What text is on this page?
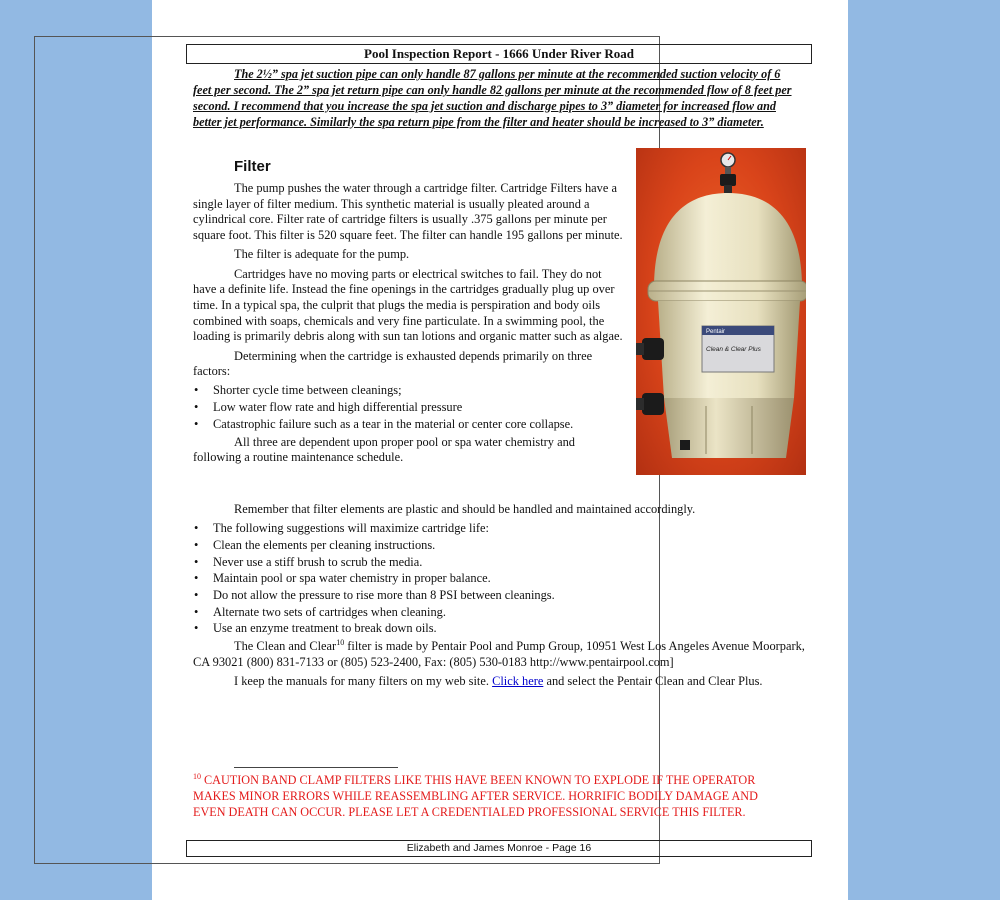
Pool Inspection Report - 1666 Under River Road
The 2½” spa jet suction pipe can only handle 87 gallons per minute at the recommended suction velocity of 6 feet per second. The 2” spa jet return pipe can only handle 82 gallons per minute at the recommended flow of 8 feet per second. I recommend that you increase the spa jet suction and discharge pipes to 3” diameter for increased flow and better jet performance. Similarly the spa return pipe from the filter and heater should be increased to 3” diameter.
Pentair
Clean & Clear Plus
Filter

The pump pushes the water through a cartridge filter. Cartridge Filters have a single layer of filter medium. This synthetic material is usually pleated around a cylindrical core. Filter rate of cartridge filters is usually .375 gallons per minute per square foot. This filter is 520 square feet. The filter can handle 195 gallons per minute.

The filter is adequate for the pump.

Cartridges have no moving parts or electrical switches to fail. They do not have a definite life. Instead the fine openings in the cartridges gradually plug up over time. In a typical spa, the culprit that plugs the media is perspiration and body oils combined with soaps, chemicals and very fine particulate. In a swimming pool, the loading is primarily debris along with sun tan lotions and organic matter such as algae.

Determining when the cartridge is exhausted depends primarily on three factors:

• Shorter cycle time between cleanings;
• Low water flow rate and high differential pressure
• Catastrophic failure such as a tear in the material or center core collapse.

All three are dependent upon proper pool or spa water chemistry and following a routine maintenance schedule.

Remember that filter elements are plastic and should be handled and maintained accordingly.

• The following suggestions will maximize cartridge life:
• Clean the elements per cleaning instructions.
• Never use a stiff brush to scrub the media.
• Maintain pool or spa water chemistry in proper balance.
• Do not allow the pressure to rise more than 8 PSI between cleanings.
• Alternate two sets of cartridges when cleaning.
• Use an enzyme treatment to break down oils.

The Clean and Clear$^{10}$ filter is made by Pentair Pool and Pump Group, 10951 West Los Angeles Avenue Moorpark, CA 93021 (800) 831-7133 or (805) 523-2400, Fax: (805) 530-0183 http://www.pentairpool.com]

I keep the manuals for many filters on my web site. Click here and select the Pentair Clean and Clear Plus.

$^{10}$ CAUTION BAND CLAMP FILTERS LIKE THIS HAVE BEEN KNOWN TO EXPLODE IF THE OPERATOR MAKES MINOR ERRORS WHILE REASSEMBLING AFTER SERVICE. HORRIFIC BODILY DAMAGE AND EVEN DEATH CAN OCCUR. PLEASE LET A CREDENTIALED PROFESSIONAL SERVICE THIS FILTER.
Elizabeth and James Monroe - Page 16
